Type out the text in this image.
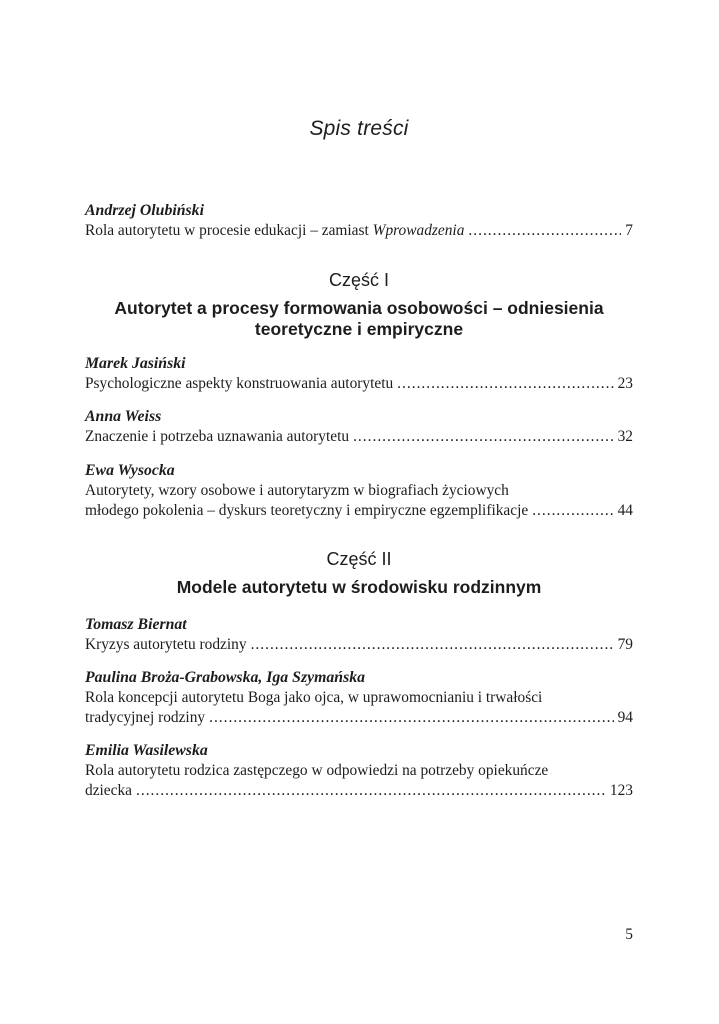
Spis treści
Andrzej Olubiński
Rola autorytetu w procesie edukacji – zamiast Wprowadzenia .....	7
Część I
Autorytet a procesy formowania osobowości – odniesienia
teoretyczne i empiryczne
Marek Jasiński
Psychologiczne aspekty konstruowania autorytetu .....	23
Anna Weiss
Znaczenie i potrzeba uznawania autorytetu .....	32
Ewa Wysocka
Autorytety, wzory osobowe i autorytaryzm w biografiach życiowych
młodego pokolenia – dyskurs teoretyczny i empiryczne egzemplifikacje .....	44
Część II
Modele autorytetu w środowisku rodzinnym
Tomasz Biernat
Kryzys autorytetu rodziny .....	79
Paulina Broża-Grabowska, Iga Szymańska
Rola koncepcji autorytetu Boga jako ojca, w uprawomocnianiu i trwałości
tradycyjnej rodziny .....	94
Emilia Wasilewska
Rola autorytetu rodzica zastępczego w odpowiedzi na potrzeby opiekuńcze
dziecka .....	123
5
